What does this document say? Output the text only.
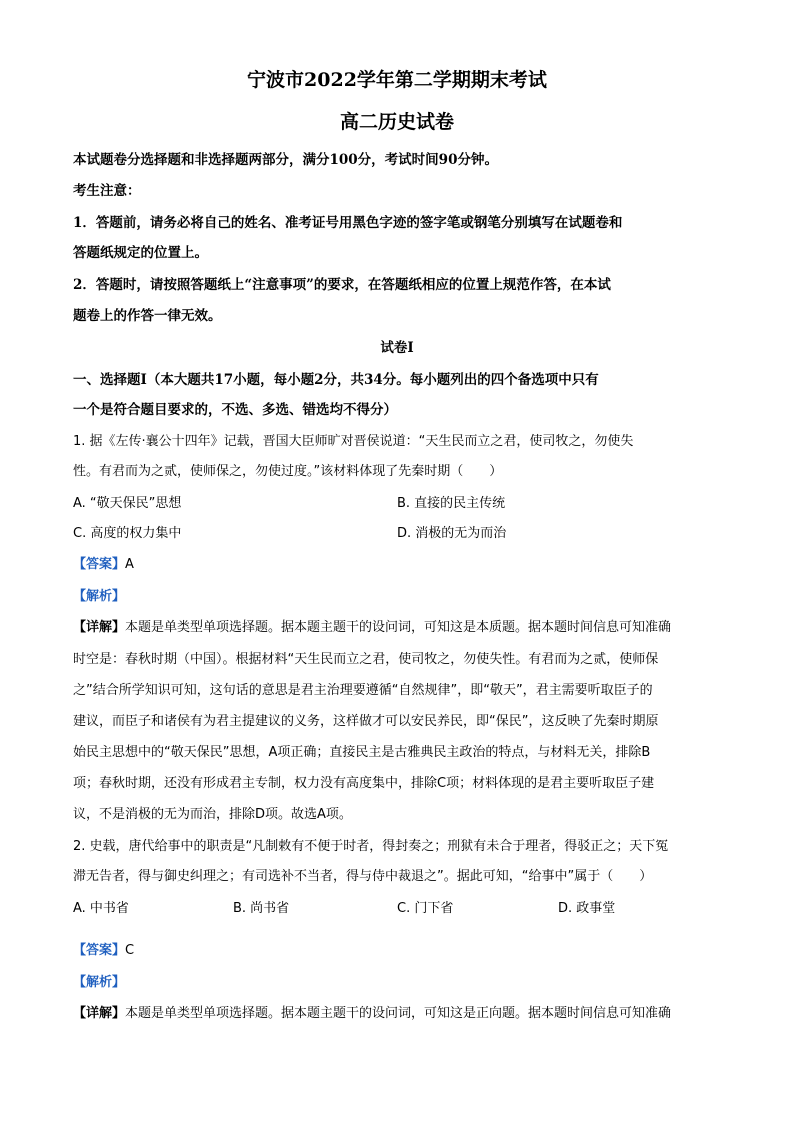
宁波市2022学年第二学期期末考试
高二历史试卷
本试题卷分选择题和非选择题两部分，满分100分，考试时间90分钟。
考生注意：
1．答题前，请务必将自己的姓名、准考证号用黑色字迹的签字笔或钢笔分别填写在试题卷和
答题纸规定的位置上。
2．答题时，请按照答题纸上“注意事项”的要求，在答题纸相应的位置上规范作答，在本试
题卷上的作答一律无效。
试卷Ⅰ
一、选择题Ⅰ（本大题共17小题，每小题2分，共34分。每小题列出的四个备选项中只有
一个是符合题目要求的，不选、多选、错选均不得分）
1. 据《左传·襄公十四年》记载，晋国大臣师旷对晋侯说道：“天生民而立之君，使司牧之，勿使失
性。有君而为之贰，使师保之，勿使过度。”该材料体现了先秦时期（　　）
A. “敬天保民”思想	B. 直接的民主传统
C. 高度的权力集中	D. 消极的无为而治
【答案】A
【解析】
【详解】本题是单类型单项选择题。据本题主题干的设问词，可知这是本质题。据本题时间信息可知准确
时空是：春秋时期（中国）。根据材料“天生民而立之君，使司牧之，勿使失性。有君而为之贰，使师保
之”结合所学知识可知，这句话的意思是君主治理要遵循“自然规律”，即“敬天”，君主需要听取臣子的
建议，而臣子和诸侯有为君主提建议的义务，这样做才可以安民养民，即“保民”，这反映了先秦时期原
始民主思想中的“敬天保民”思想，A项正确；直接民主是古雅典民主政治的特点，与材料无关，排除B
项；春秋时期，还没有形成君主专制，权力没有高度集中，排除C项；材料体现的是君主要听取臣子建
议，不是消极的无为而治，排除D项。故选A项。
2. 史载，唐代给事中的职责是“凡制敕有不便于时者，得封奏之；刑狱有未合于理者，得驳正之；天下冤
滞无告者，得与御史纠理之；有司选补不当者，得与侍中裁退之”。据此可知，“给事中”属于（　　）
A. 中书省	B. 尚书省	C. 门下省	D. 政事堂
【答案】C
【解析】
【详解】本题是单类型单项选择题。据本题主题干的设问词，可知这是正向题。据本题时间信息可知准确
